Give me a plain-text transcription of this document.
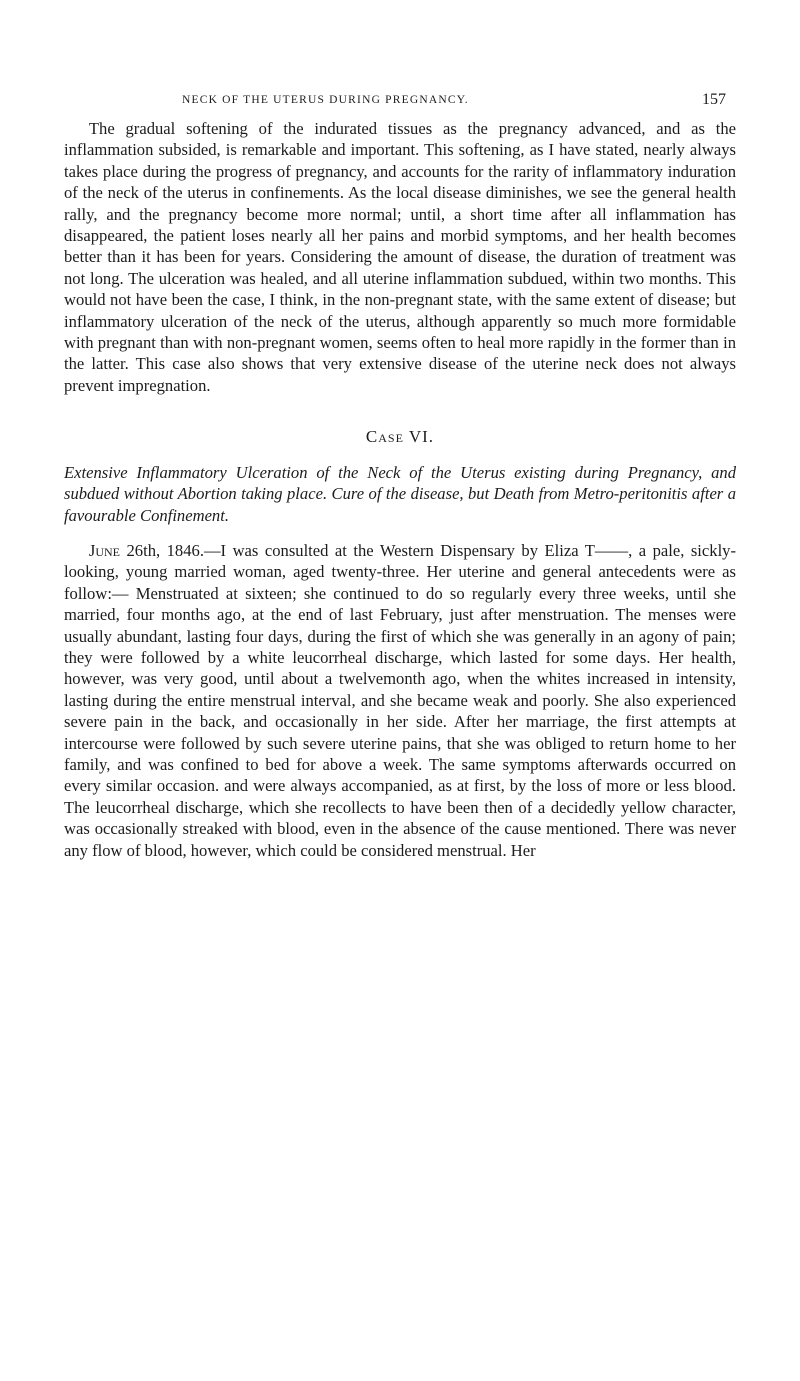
NECK OF THE UTERUS DURING PREGNANCY.	157

The gradual softening of the indurated tissues as the pregnancy advanced, and as the inflammation subsided, is remarkable and important. This softening, as I have stated, nearly always takes place during the progress of pregnancy, and accounts for the rarity of inflammatory induration of the neck of the uterus in confinements. As the local disease diminishes, we see the general health rally, and the pregnancy become more normal; until, a short time after all inflammation has disappeared, the patient loses nearly all her pains and morbid symptoms, and her health becomes better than it has been for years. Considering the amount of disease, the duration of treatment was not long. The ulceration was healed, and all uterine inflammation subdued, within two months. This would not have been the case, I think, in the non-pregnant state, with the same extent of disease; but inflammatory ulceration of the neck of the uterus, although apparently so much more formidable with pregnant than with non-pregnant women, seems often to heal more rapidly in the former than in the latter. This case also shows that very extensive disease of the uterine neck does not always prevent impregnation.

Case VI.

Extensive Inflammatory Ulceration of the Neck of the Uterus existing during Pregnancy, and subdued without Abortion taking place. Cure of the disease, but Death from Metro-peritonitis after a favourable Confinement.

June 26th, 1846.—I was consulted at the Western Dispensary by Eliza T——, a pale, sickly-looking, young married woman, aged twenty-three. Her uterine and general antecedents were as follow:— Menstruated at sixteen; she continued to do so regularly every three weeks, until she married, four months ago, at the end of last February, just after menstruation. The menses were usually abundant, lasting four days, during the first of which she was generally in an agony of pain; they were followed by a white leucorrheal discharge, which lasted for some days. Her health, however, was very good, until about a twelvemonth ago, when the whites increased in intensity, lasting during the entire menstrual interval, and she became weak and poorly. She also experienced severe pain in the back, and occasionally in her side. After her marriage, the first attempts at intercourse were followed by such severe uterine pains, that she was obliged to return home to her family, and was confined to bed for above a week. The same symptoms afterwards occurred on every similar occasion. and were always accompanied, as at first, by the loss of more or less blood. The leucorrheal discharge, which she recollects to have been then of a decidedly yellow character, was occasionally streaked with blood, even in the absence of the cause mentioned. There was never any flow of blood, however, which could be considered menstrual. Her
